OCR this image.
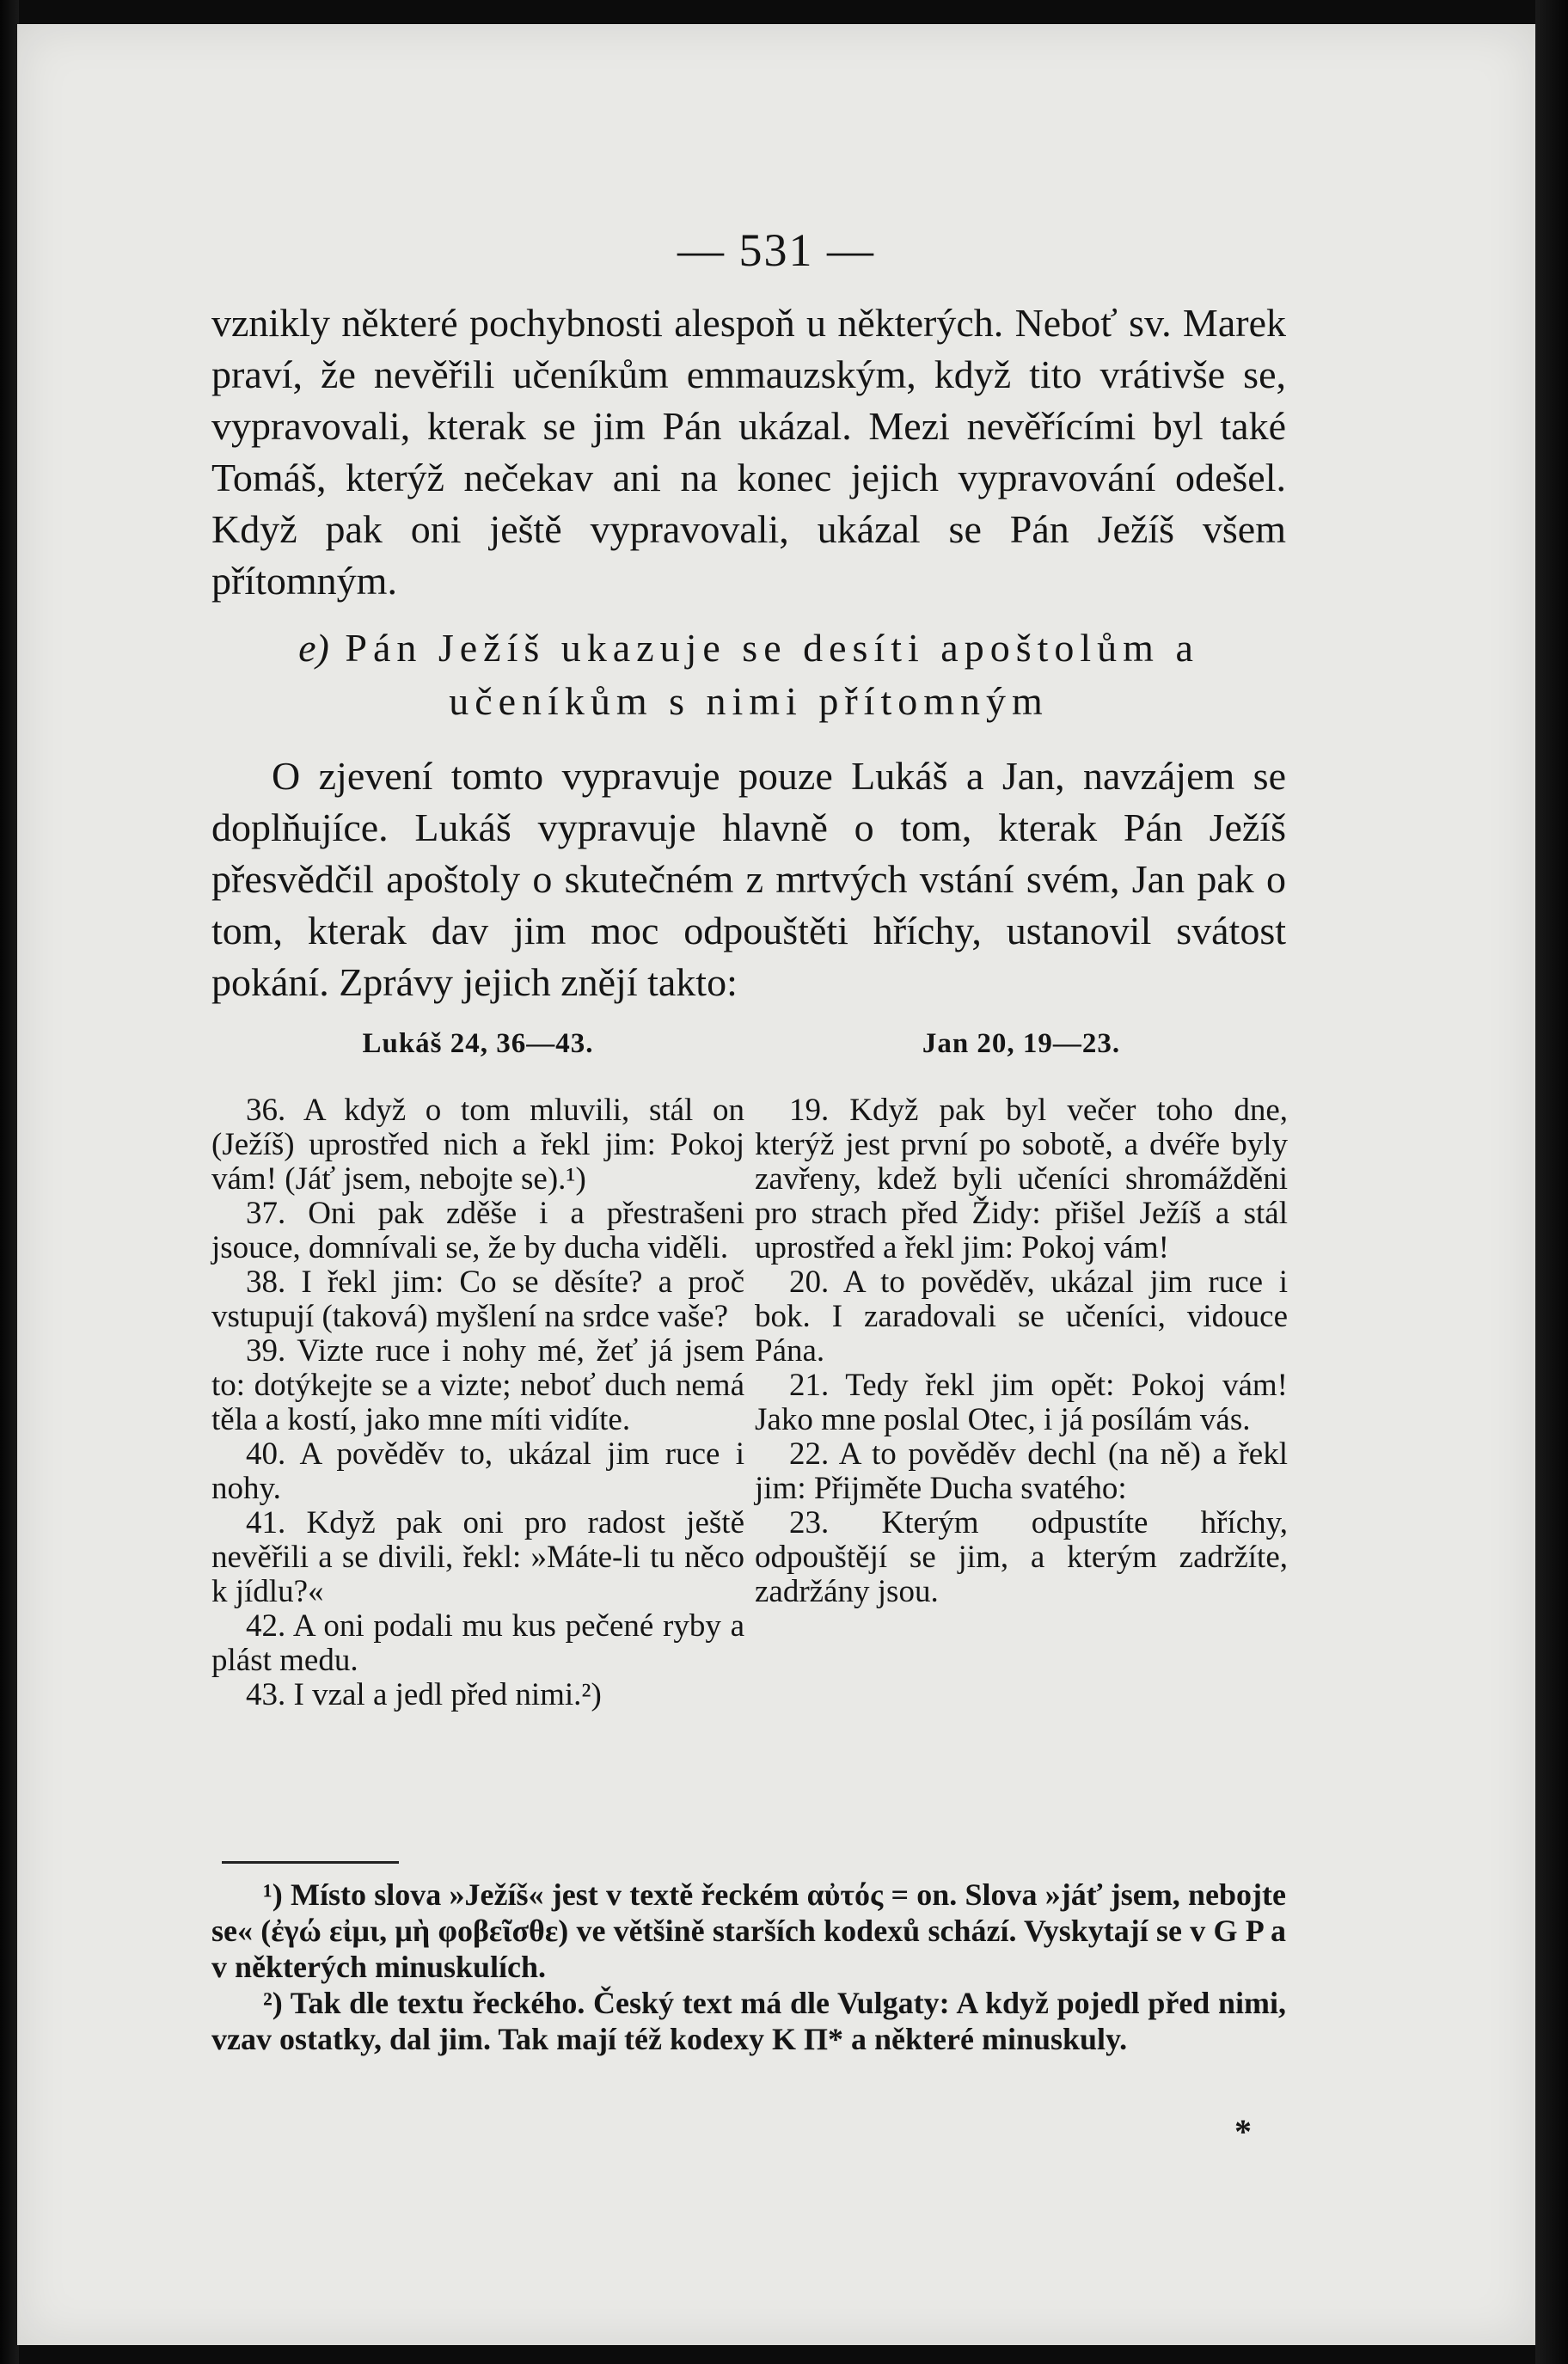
— 531 —

vznikly některé pochybnosti alespoň u některých. Neboť sv. Marek praví, že nevěřili učeníkům emmauzským, když tito vrátivše se, vypravovali, kterak se jim Pán ukázal. Mezi nevěřícími byl také Tomáš, kterýž nečekav ani na konec jejich vypravování odešel. Když pak oni ještě vypravovali, ukázal se Pán Ježíš všem přítomným.

e) Pán Ježíš ukazuje se desíti apoštolům a učeníkům s nimi přítomným

O zjevení tomto vypravuje pouze Lukáš a Jan, navzájem se doplňujíce. Lukáš vypravuje hlavně o tom, kterak Pán Ježíš přesvědčil apoštoly o skutečném z mrtvých vstání svém, Jan pak o tom, kterak dav jim moc odpouštěti hříchy, ustanovil svátost pokání. Zprávy jejich znějí takto:

Lukáš 24, 36—43.

36. A když o tom mluvili, stál on (Ježíš) uprostřed nich a řekl jim: Pokoj vám! (Jáť jsem, nebojte se).¹)

37. Oni pak zděše i a přestrašeni jsouce, domnívali se, že by ducha viděli.

38. I řekl jim: Co se děsíte? a proč vstupují (taková) myšlení na srdce vaše?

39. Vizte ruce i nohy mé, žeť já jsem to: dotýkejte se a vizte; neboť duch nemá těla a kostí, jako mne míti vidíte.

40. A pověděv to, ukázal jim ruce i nohy.

41. Když pak oni pro radost ještě nevěřili a se divili, řekl: »Máte-li tu něco k jídlu?«

42. A oni podali mu kus pečené ryby a plást medu.

43. I vzal a jedl před nimi.²)

Jan 20, 19—23.

19. Když pak byl večer toho dne, kterýž jest první po sobotě, a dvéře byly zavřeny, kdež byli učeníci shromážděni pro strach před Židy: přišel Ježíš a stál uprostřed a řekl jim: Pokoj vám!

20. A to pověděv, ukázal jim ruce i bok. I zaradovali se učeníci, vidouce Pána.

21. Tedy řekl jim opět: Pokoj vám! Jako mne poslal Otec, i já posílám vás.

22. A to pověděv dechl (na ně) a řekl jim: Přijměte Ducha svatého:

23. Kterým odpustíte hříchy, odpouštějí se jim, a kterým zadržíte, zadržány jsou.

¹) Místo slova »Ježíš« jest v textě řeckém αὐτός = on. Slova »jáť jsem, nebojte se« (ἐγώ εἰμι, μὴ φοβεῖσθε) ve většině starších kodexů schází. Vyskytají se v G P a v některých minuskulích.

²) Tak dle textu řeckého. Český text má dle Vulgaty: A když pojedl před nimi, vzav ostatky, dal jim. Tak mají též kodexy K Π* a některé minuskuly.

*
